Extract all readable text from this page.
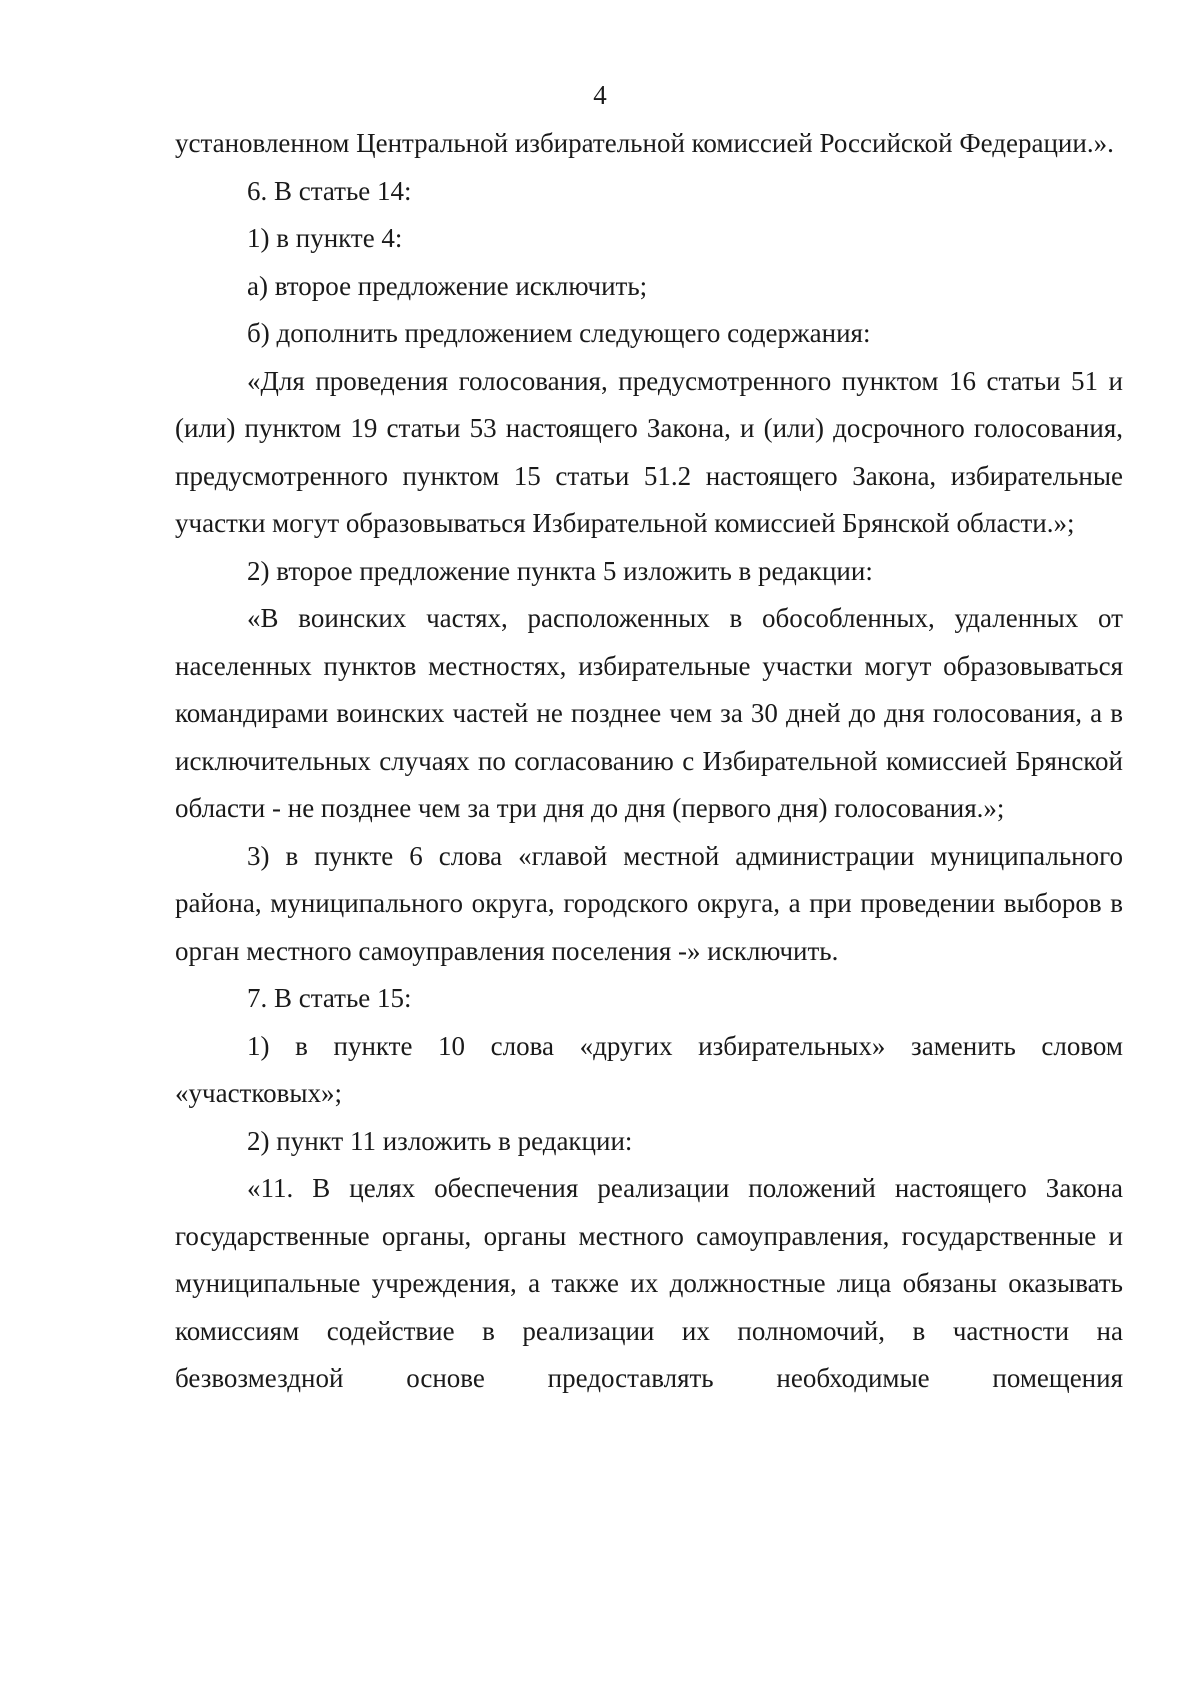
4

установленном Центральной избирательной комиссией Российской Федерации.».

6. В статье 14:

1) в пункте 4:

а) второе предложение исключить;

б) дополнить предложением следующего содержания:

«Для проведения голосования, предусмотренного пунктом 16 статьи 51 и (или) пунктом 19 статьи 53 настоящего Закона, и (или) досрочного голосования, предусмотренного пунктом 15 статьи 51.2 настоящего Закона, избирательные участки могут образовываться Избирательной комиссией Брянской области.»;

2) второе предложение пункта 5 изложить в редакции:

«В воинских частях, расположенных в обособленных, удаленных от населенных пунктов местностях, избирательные участки могут образовываться командирами воинских частей не позднее чем за 30 дней до дня голосования, а в исключительных случаях по согласованию с Избирательной комиссией Брянской области - не позднее чем за три дня до дня (первого дня) голосования.»;

3) в пункте 6 слова «главой местной администрации муниципального района, муниципального округа, городского округа, а при проведении выборов в орган местного самоуправления поселения -» исключить.

7. В статье 15:

1) в пункте 10 слова «других избирательных» заменить словом «участковых»;

2) пункт 11 изложить в редакции:

«11. В целях обеспечения реализации положений настоящего Закона государственные органы, органы местного самоуправления, государственные и муниципальные учреждения, а также их должностные лица обязаны оказывать комиссиям содействие в реализации их полномочий, в частности на безвозмездной основе предоставлять необходимые помещения
